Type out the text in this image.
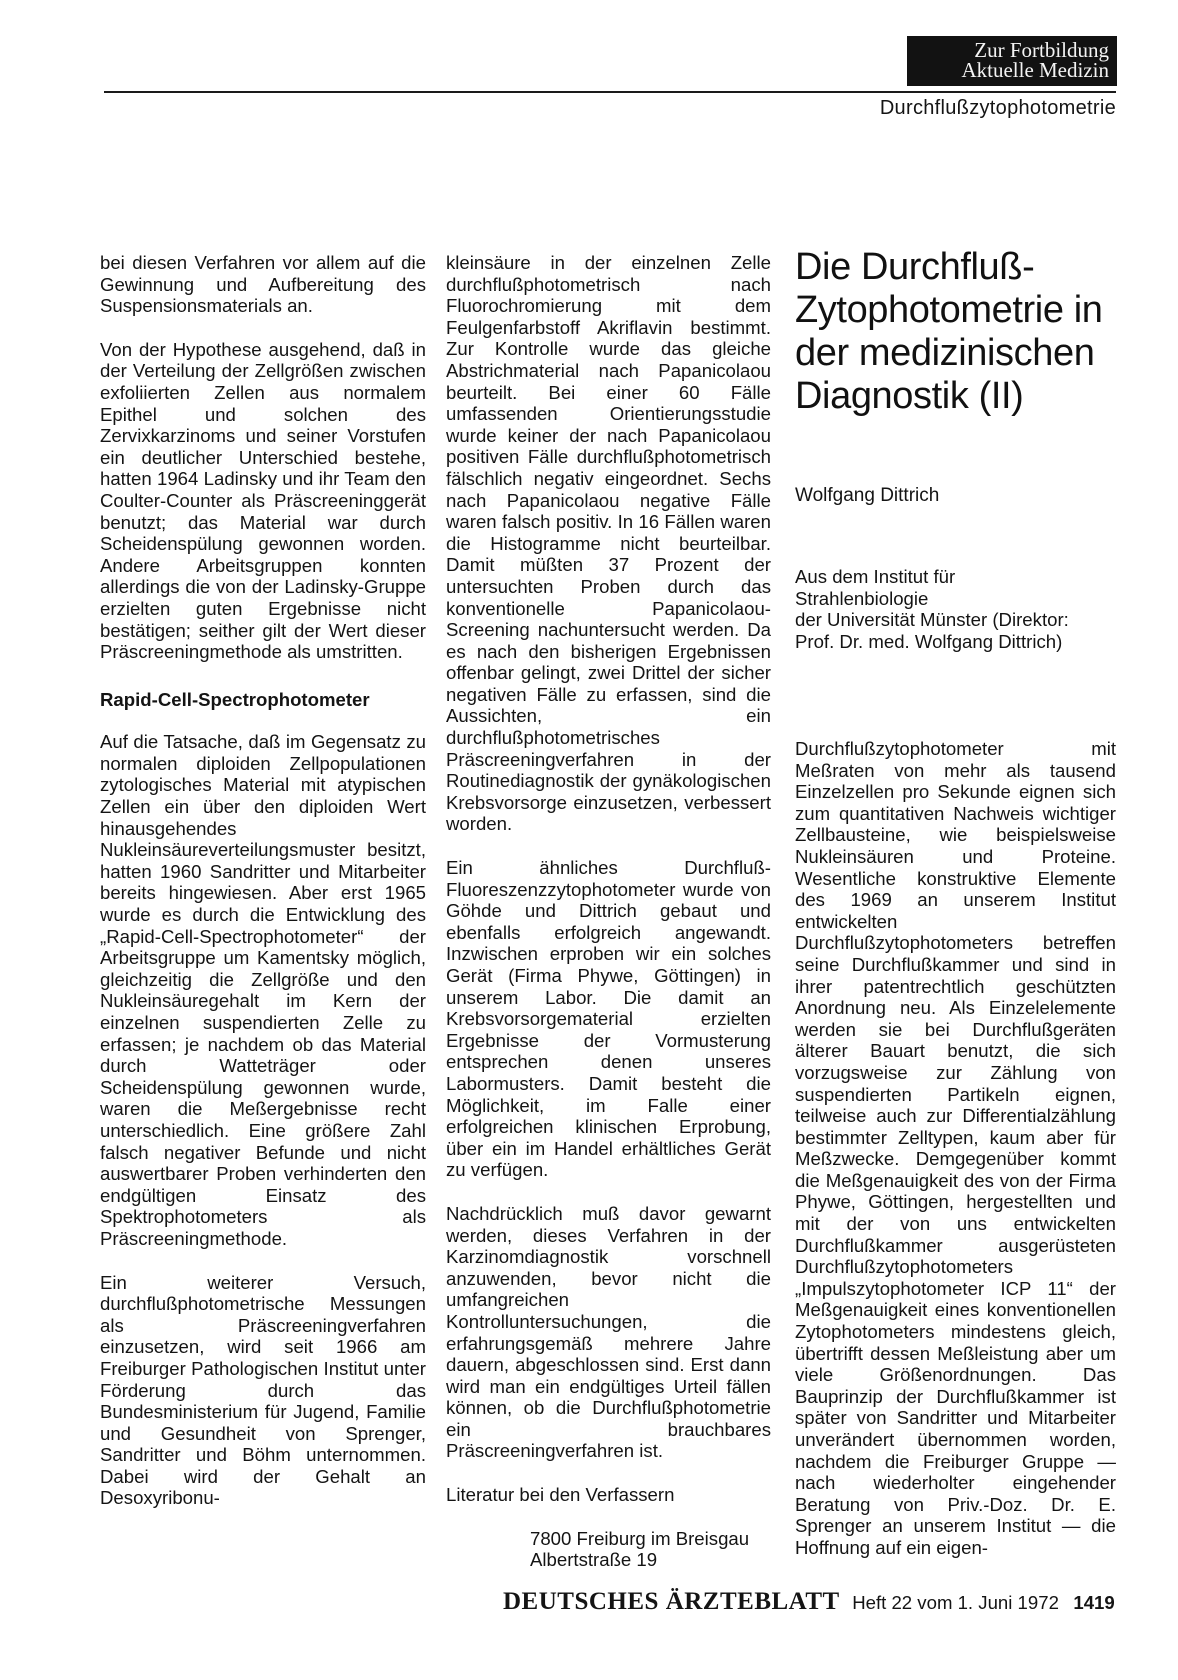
Zur Fortbildung
Aktuelle Medizin
Durchflußzytophotometrie

bei diesen Verfahren vor allem auf die Gewinnung und Aufbereitung des Suspensionsmaterials an.

Von der Hypothese ausgehend, daß in der Verteilung der Zellgrößen zwischen exfoliierten Zellen aus normalem Epithel und solchen des Zervixkarzinoms und seiner Vorstufen ein deutlicher Unterschied bestehe, hatten 1964 Ladinsky und ihr Team den Coulter-Counter als Präscreeninggerät benutzt; das Material war durch Scheidenspülung gewonnen worden. Andere Arbeitsgruppen konnten allerdings die von der Ladinsky-Gruppe erzielten guten Ergebnisse nicht bestätigen; seither gilt der Wert dieser Präscreeningmethode als umstritten.

Rapid-Cell-Spectrophotometer

Auf die Tatsache, daß im Gegensatz zu normalen diploiden Zellpopulationen zytologisches Material mit atypischen Zellen ein über den diploiden Wert hinausgehendes Nukleinsäureverteilungsmuster besitzt, hatten 1960 Sandritter und Mitarbeiter bereits hingewiesen. Aber erst 1965 wurde es durch die Entwicklung des „Rapid-Cell-Spectrophotometer“ der Arbeitsgruppe um Kamentsky möglich, gleichzeitig die Zellgröße und den Nukleinsäuregehalt im Kern der einzelnen suspendierten Zelle zu erfassen; je nachdem ob das Material durch Watteträger oder Scheidenspülung gewonnen wurde, waren die Meßergebnisse recht unterschiedlich. Eine größere Zahl falsch negativer Befunde und nicht auswertbarer Proben verhinderten den endgültigen Einsatz des Spektrophotometers als Präscreeningmethode.

Ein weiterer Versuch, durchflußphotometrische Messungen als Präscreeningverfahren einzusetzen, wird seit 1966 am Freiburger Pathologischen Institut unter Förderung durch das Bundesministerium für Jugend, Familie und Gesundheit von Sprenger, Sandritter und Böhm unternommen. Dabei wird der Gehalt an Desoxyribonu-

kleinsäure in der einzelnen Zelle durchflußphotometrisch nach Fluorochromierung mit dem Feulgenfarbstoff Akriflavin bestimmt. Zur Kontrolle wurde das gleiche Abstrichmaterial nach Papanicolaou beurteilt. Bei einer 60 Fälle umfassenden Orientierungsstudie wurde keiner der nach Papanicolaou positiven Fälle durchflußphotometrisch fälschlich negativ eingeordnet. Sechs nach Papanicolaou negative Fälle waren falsch positiv. In 16 Fällen waren die Histogramme nicht beurteilbar. Damit müßten 37 Prozent der untersuchten Proben durch das konventionelle Papanicolaou-Screening nachuntersucht werden. Da es nach den bisherigen Ergebnissen offenbar gelingt, zwei Drittel der sicher negativen Fälle zu erfassen, sind die Aussichten, ein durchflußphotometrisches Präscreeningverfahren in der Routinediagnostik der gynäkologischen Krebsvorsorge einzusetzen, verbessert worden.

Ein ähnliches Durchfluß-Fluoreszenzzytophotometer wurde von Göhde und Dittrich gebaut und ebenfalls erfolgreich angewandt. Inzwischen erproben wir ein solches Gerät (Firma Phywe, Göttingen) in unserem Labor. Die damit an Krebsvorsorgematerial erzielten Ergebnisse der Vormusterung entsprechen denen unseres Labormusters. Damit besteht die Möglichkeit, im Falle einer erfolgreichen klinischen Erprobung, über ein im Handel erhältliches Gerät zu verfügen.

Nachdrücklich muß davor gewarnt werden, dieses Verfahren in der Karzinomdiagnostik vorschnell anzuwenden, bevor nicht die umfangreichen Kontrolluntersuchungen, die erfahrungsgemäß mehrere Jahre dauern, abgeschlossen sind. Erst dann wird man ein endgültiges Urteil fällen können, ob die Durchflußphotometrie ein brauchbares Präscreeningverfahren ist.

Literatur bei den Verfassern

7800 Freiburg im Breisgau
Albertstraße 19
Die Durchfluß-Zytophotometrie in der medizinischen Diagnostik (II)
Wolfgang Dittrich
Aus dem Institut für
Strahlenbiologie
der Universität Münster (Direktor:
Prof. Dr. med. Wolfgang Dittrich)

Durchflußzytophotometer mit Meßraten von mehr als tausend Einzelzellen pro Sekunde eignen sich zum quantitativen Nachweis wichtiger Zellbausteine, wie beispielsweise Nukleinsäuren und Proteine. Wesentliche konstruktive Elemente des 1969 an unserem Institut entwickelten Durchflußzytophotometers betreffen seine Durchflußkammer und sind in ihrer patentrechtlich geschützten Anordnung neu. Als Einzelelemente werden sie bei Durchflußgeräten älterer Bauart benutzt, die sich vorzugsweise zur Zählung von suspendierten Partikeln eignen, teilweise auch zur Differentialzählung bestimmter Zelltypen, kaum aber für Meßzwecke. Demgegenüber kommt die Meßgenauigkeit des von der Firma Phywe, Göttingen, hergestellten und mit der von uns entwickelten Durchflußkammer ausgerüsteten Durchflußzytophotometers „Impulszytophotometer ICP 11“ der Meßgenauigkeit eines konventionellen Zytophotometers mindestens gleich, übertrifft dessen Meßleistung aber um viele Größenordnungen. Das Bauprinzip der Durchflußkammer ist später von Sandritter und Mitarbeiter unverändert übernommen worden, nachdem die Freiburger Gruppe — nach wiederholter eingehender Beratung von Priv.-Doz. Dr. E. Sprenger an unserem Institut — die Hoffnung auf ein eigen-

DEUTSCHES ÄRZTEBLATT Heft 22 vom 1. Juni 1972 1419
